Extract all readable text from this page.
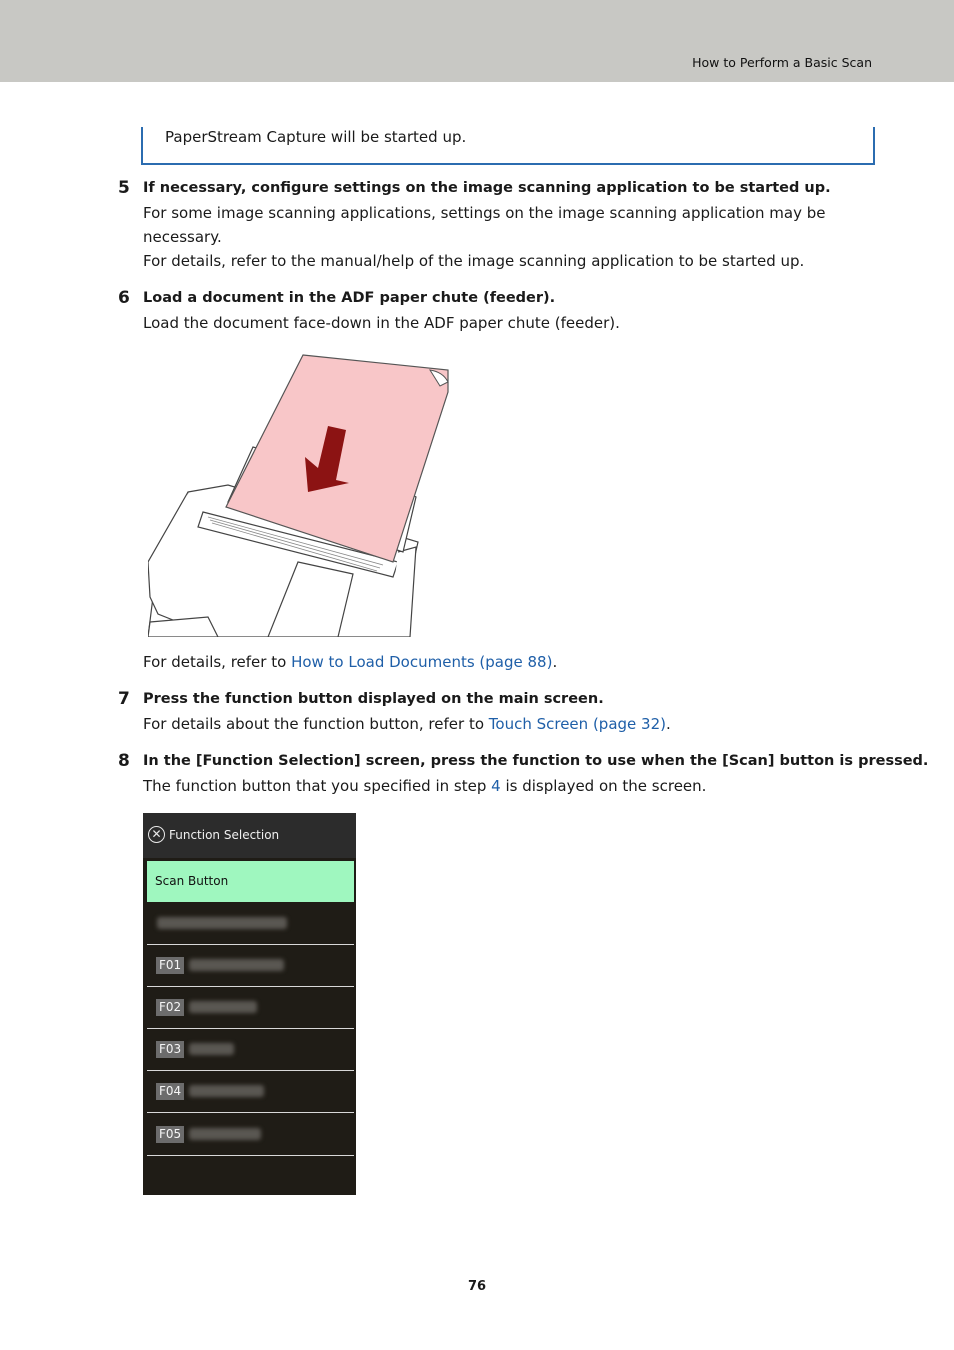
How to Perform a Basic Scan
PaperStream Capture will be started up.
5 If necessary, configure settings on the image scanning application to be started up.
For some image scanning applications, settings on the image scanning application may be necessary.
For details, refer to the manual/help of the image scanning application to be started up.
6 Load a document in the ADF paper chute (feeder).
Load the document face-down in the ADF paper chute (feeder).
For details, refer to How to Load Documents (page 88).
7 Press the function button displayed on the main screen.
For details about the function button, refer to Touch Screen (page 32).
8 In the [Function Selection] screen, press the function to use when the [Scan] button is pressed.
The function button that you specified in step 4 is displayed on the screen.
✕ Function Selection
Scan Button
F01
F02
F03
F04
F05
76
